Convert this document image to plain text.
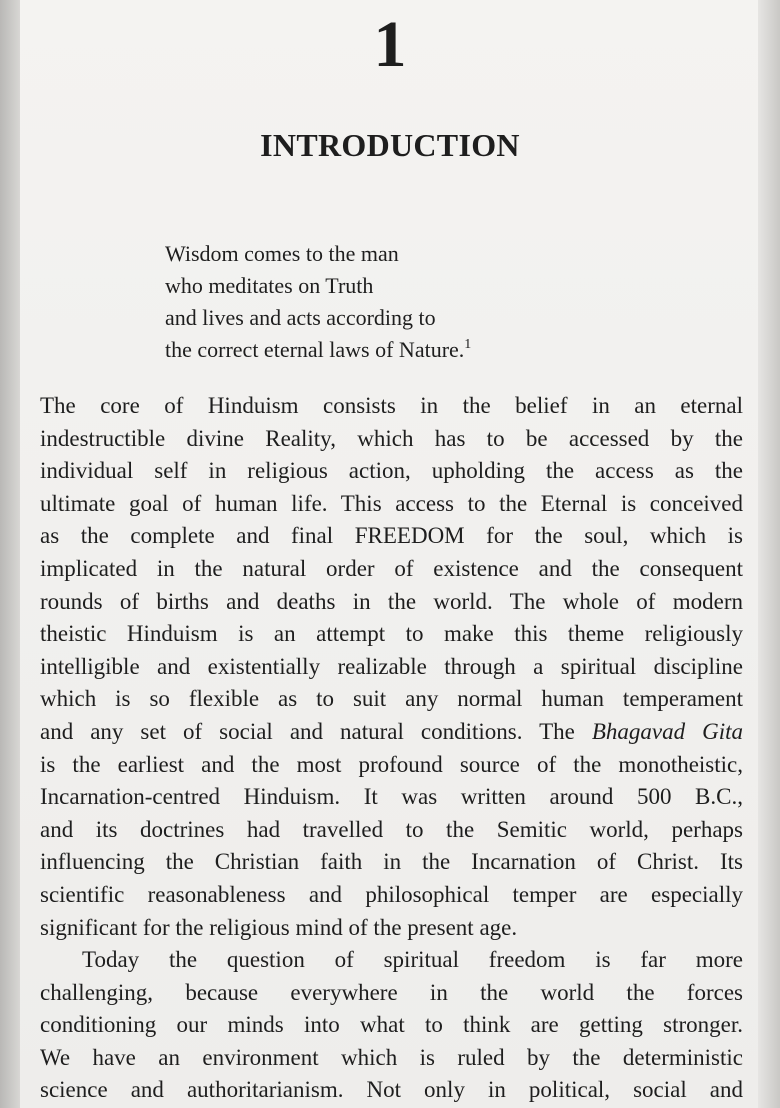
1
INTRODUCTION
Wisdom comes to the man
who meditates on Truth
and lives and acts according to
the correct eternal laws of Nature.$^1$
The core of Hinduism consists in the belief in an eternal
indestructible divine Reality, which has to be accessed by the
individual self in religious action, upholding the access as the
ultimate goal of human life. This access to the Eternal is conceived
as the complete and final FREEDOM for the soul, which is
implicated in the natural order of existence and the consequent
rounds of births and deaths in the world. The whole of modern
theistic Hinduism is an attempt to make this theme religiously
intelligible and existentially realizable through a spiritual discipline
which is so flexible as to suit any normal human temperament
and any set of social and natural conditions. The Bhagavad Gita
is the earliest and the most profound source of the monotheistic,
Incarnation-centred Hinduism. It was written around 500 B.C.,
and its doctrines had travelled to the Semitic world, perhaps
influencing the Christian faith in the Incarnation of Christ. Its
scientific reasonableness and philosophical temper are especially
significant for the religious mind of the present age.
Today the question of spiritual freedom is far more
challenging, because everywhere in the world the forces
conditioning our minds into what to think are getting stronger.
We have an environment which is ruled by the deterministic
science and authoritarianism. Not only in political, social and
